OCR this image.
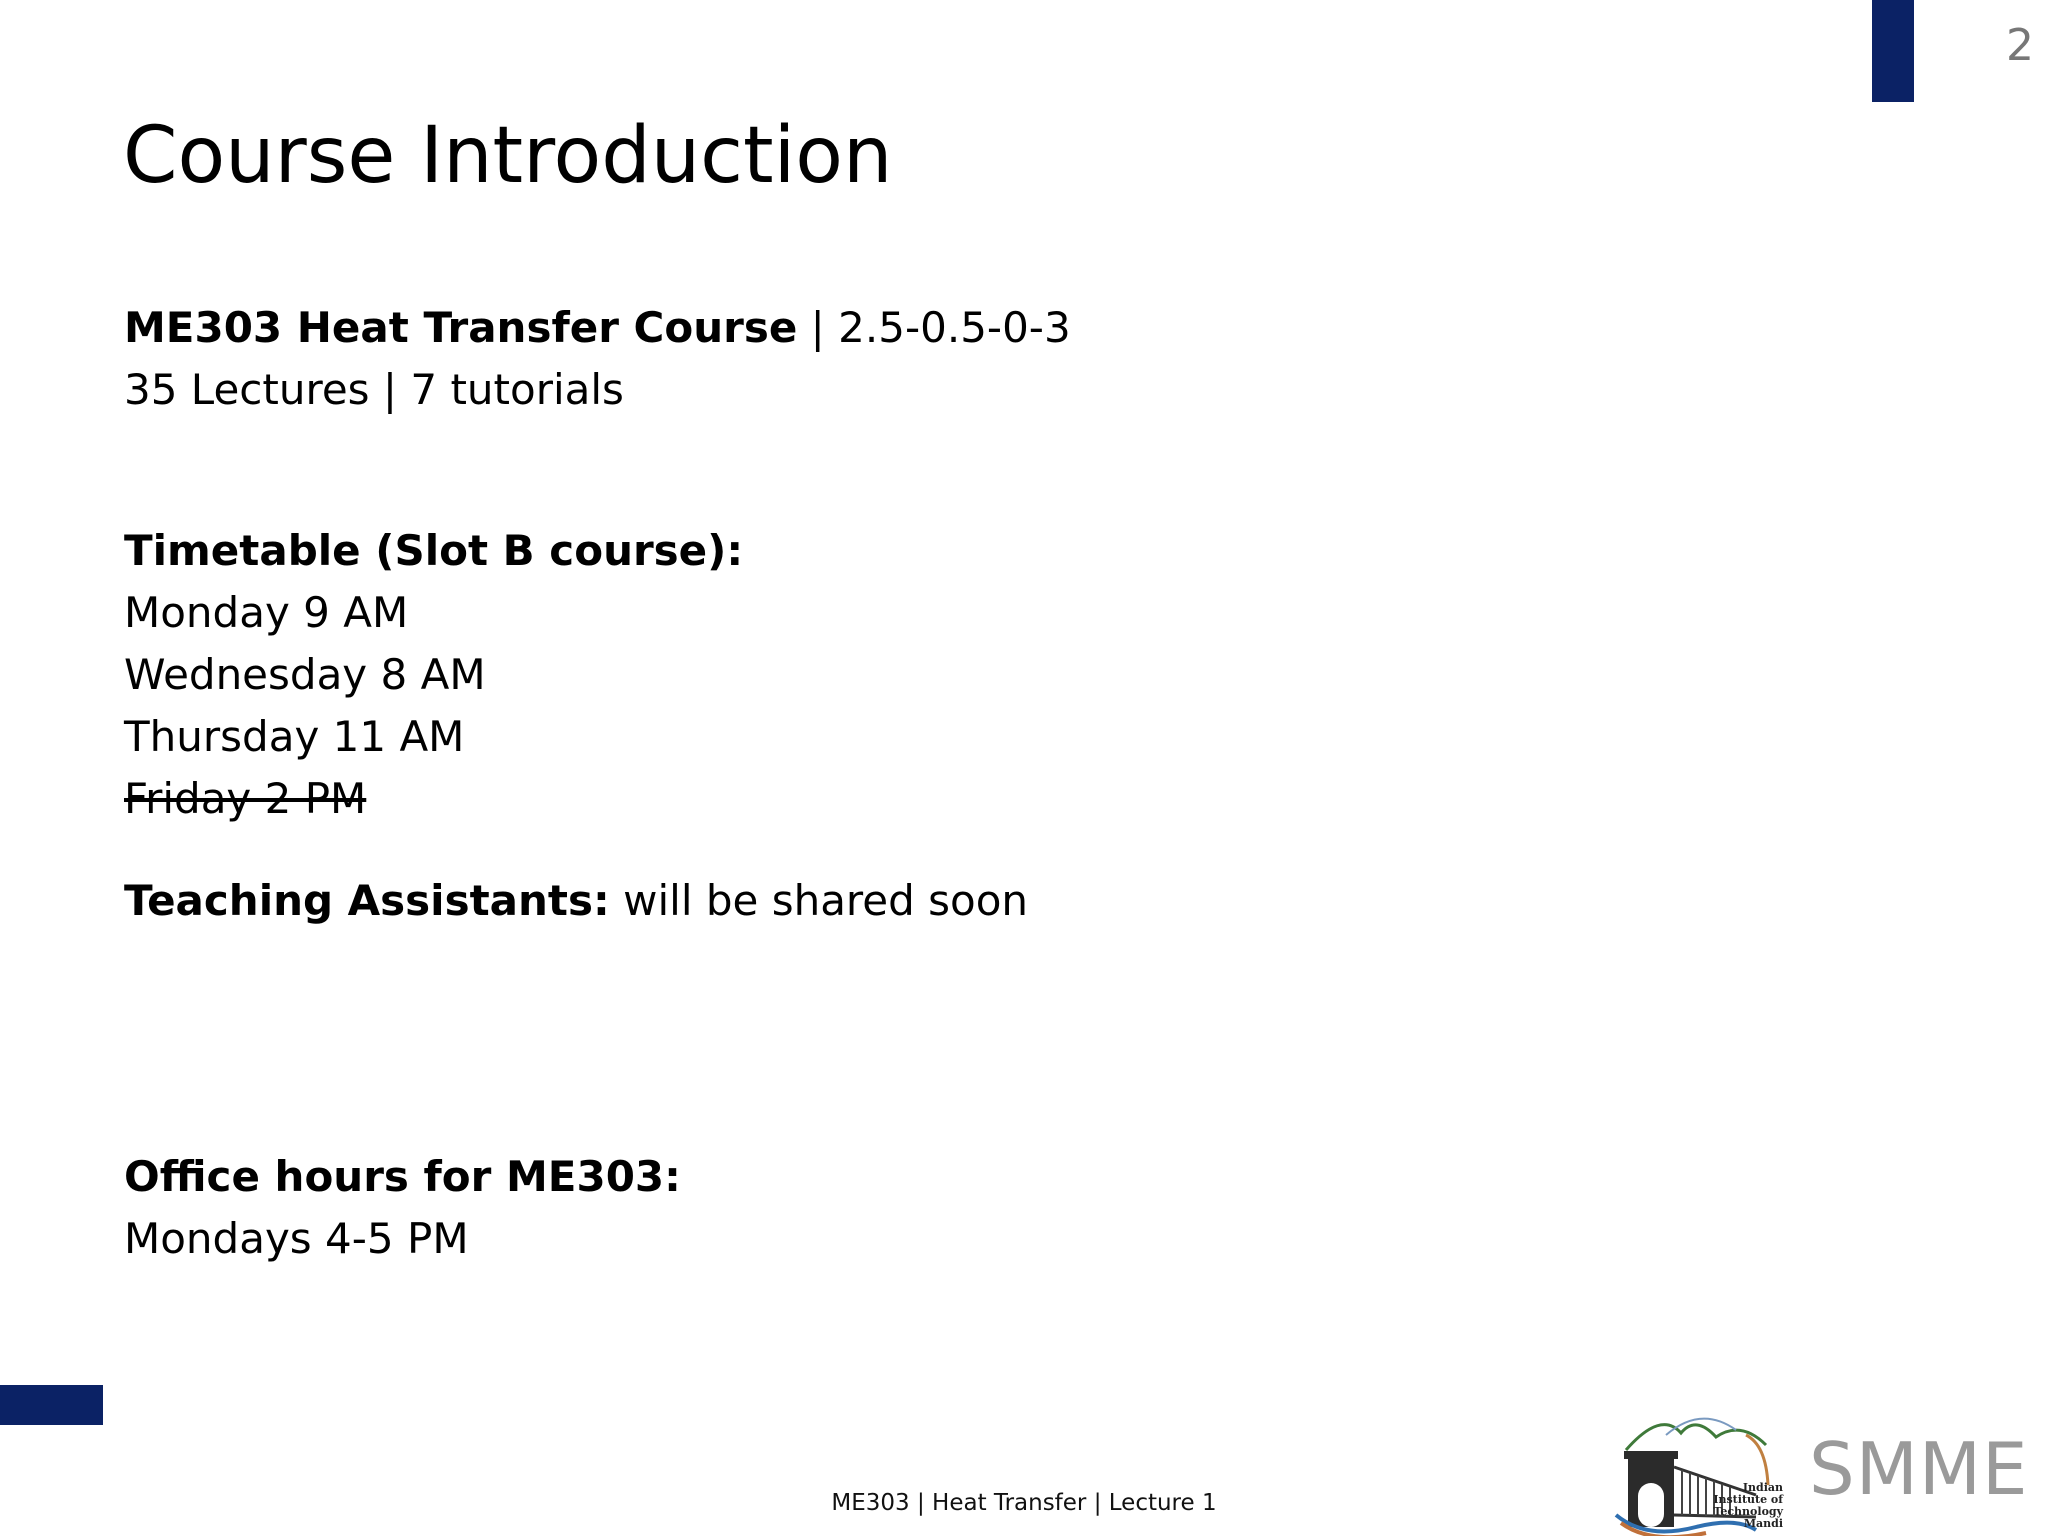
2
Course Introduction
ME303 Heat Transfer Course | 2.5-0.5-0-3
35 Lectures | 7 tutorials
Timetable (Slot B course):
Monday 9 AM
Wednesday 8 AM
Thursday 11 AM
Friday 2 PM
Teaching Assistants: will be shared soon
Office hours for ME303:
Mondays 4-5 PM
ME303 | Heat Transfer | Lecture 1
Indian
Institute of
Technology
Mandi
SMME
